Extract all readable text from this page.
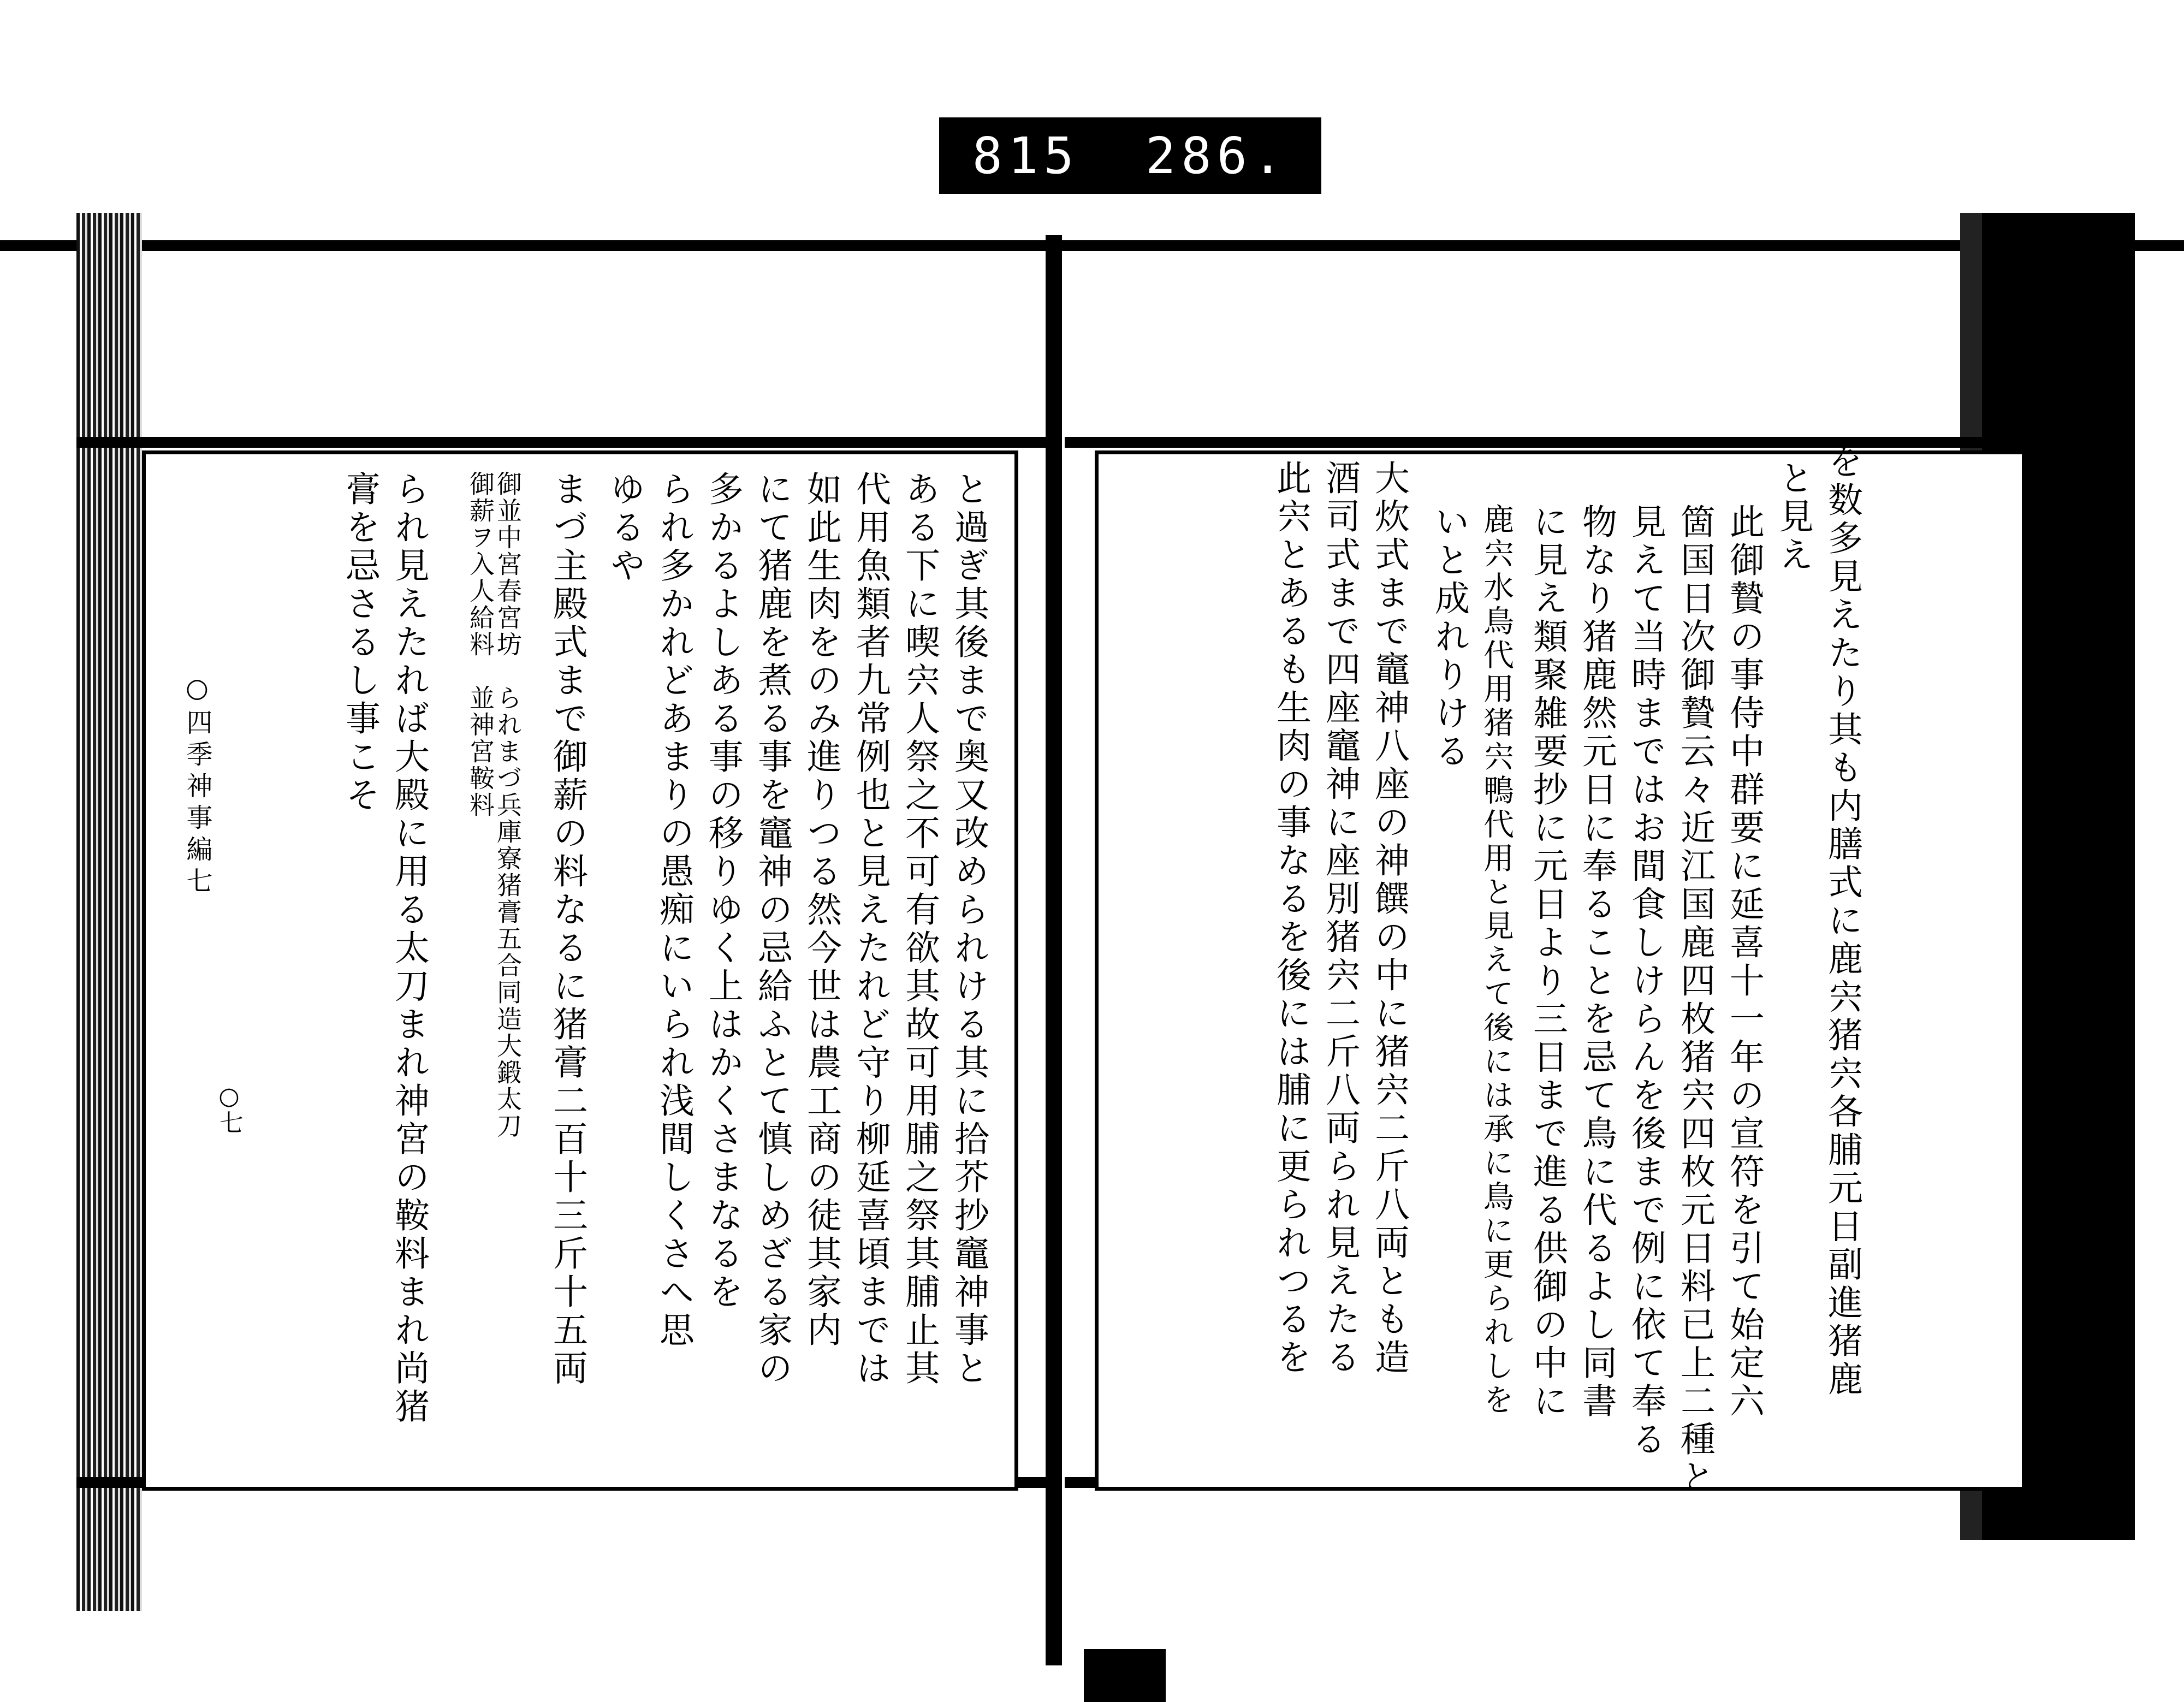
815 286.
○四季神事編七
○七	と過ぎ其後まで奥又改められける其に拾芥抄竈神事と
ある下に喫宍人祭之不可有欲其故可用脯之祭其脯止其
代用魚類者九常例也と見えたれど守り柳延喜頃までは
如此生肉をのみ進りつる然今世は農工商の徒其家内
にて猪鹿を煮る事を竈神の忌給ふとて慎しめざる家の
多かるよしある事の移りゆく上はかくさまなるを
られ多かれどあまりの愚痴にいられ浅間しくさへ思
ゆるや
まづ主殿式まで御薪の料なるに猪膏二百十三斤十五両
御並中宮春宮坊　られまづ兵庫寮猪膏五合同造大鍛太刀
御薪ヲ入人給料　並神宮鞍料
られ見えたれば大殿に用る太刀まれ神宮の鞍料まれ尚猪
膏を忌さるし事こそ	を数多見えたり其も内膳式に鹿宍猪宍各脯元日副進猪鹿
と見え
此御贄の事侍中群要に延喜十一年の宣符を引て始定六
箇国日次御贄云々近江国鹿四枚猪宍四枚元日料已上二種と
見えて当時まではお間食しけらんを後まで例に依て奉る
物なり猪鹿然元日に奉ることを忌て鳥に代るよし同書
に見え類聚雑要抄に元日より三日まで進る供御の中に
鹿宍水鳥代用猪宍鴨代用と見えて後には承に鳥に更られしを
いと成れりける
大炊式まで竈神八座の神饌の中に猪宍二斤八両とも造
酒司式まで四座竈神に座別猪宍二斤八両られ見えたる
此宍とあるも生肉の事なるを後には脯に更られつるを
